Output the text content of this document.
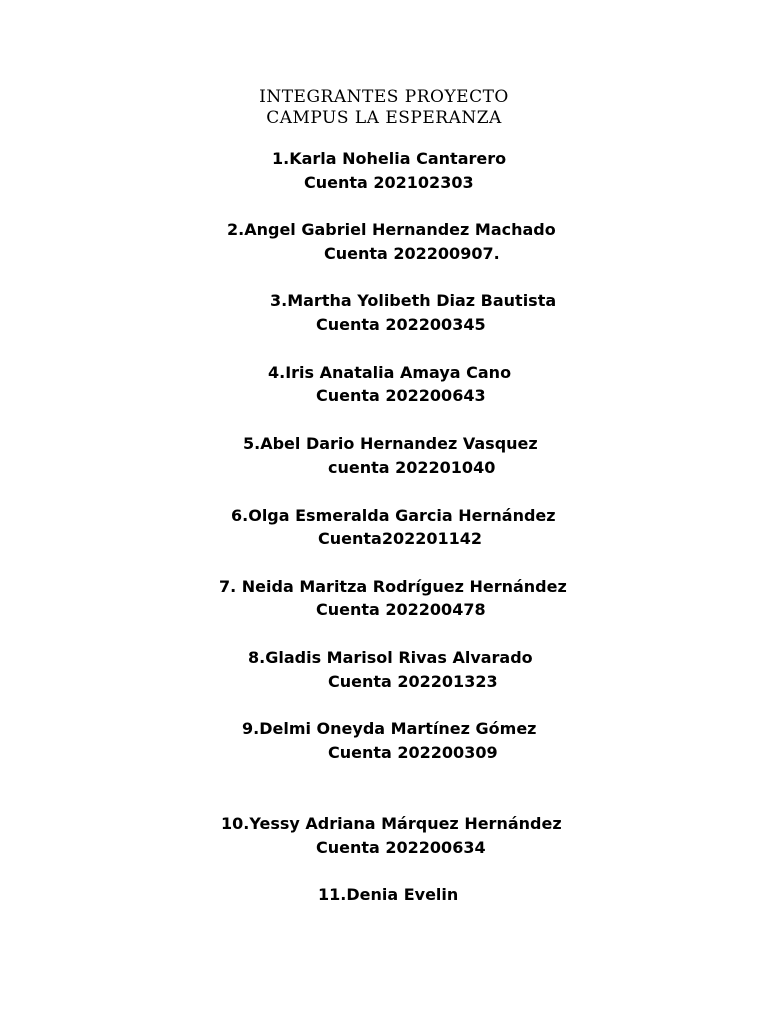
INTEGRANTES PROYECTO
CAMPUS LA ESPERANZA
1.Karla Nohelia Cantarero
Cuenta 202102303
2.Angel Gabriel Hernandez Machado
Cuenta 202200907.
3.Martha Yolibeth Diaz Bautista
Cuenta 202200345
4.Iris Anatalia Amaya Cano
Cuenta 202200643
5.Abel Dario Hernandez Vasquez
cuenta 202201040
6.Olga Esmeralda Garcia Hernández
Cuenta202201142
7. Neida Maritza Rodríguez Hernández
Cuenta 202200478
8.Gladis Marisol Rivas Alvarado
Cuenta 202201323
9.Delmi Oneyda Martínez Gómez
Cuenta 202200309
10.Yessy Adriana Márquez Hernández
Cuenta 202200634
11.Denia Evelin
